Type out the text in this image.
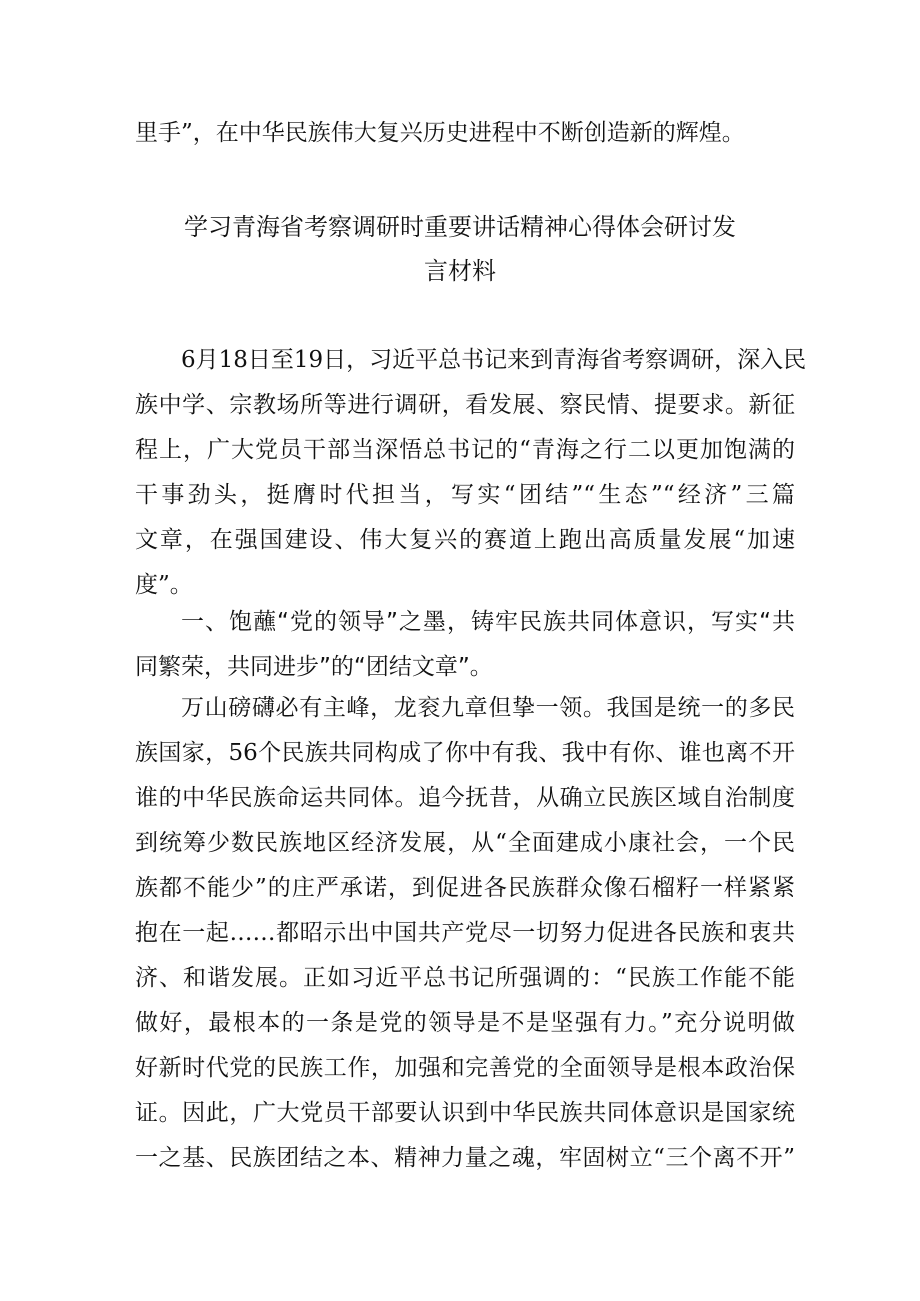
里手”，在中华民族伟大复兴历史进程中不断创造新的辉煌。
学习青海省考察调研时重要讲话精神心得体会研讨发
言材料
6月18日至19日，习近平总书记来到青海省考察调研，深入民
族中学、宗教场所等进行调研，看发展、察民情、提要求。新征
程上，广大党员干部当深悟总书记的“青海之行二以更加饱满的
干事劲头，挺膺时代担当，写实“团结”“生态”“经济”三篇
文章，在强国建设、伟大复兴的赛道上跑出高质量发展“加速
度”。
一、饱蘸“党的领导”之墨，铸牢民族共同体意识，写实“共
同繁荣，共同进步”的“团结文章”。
万山磅礴必有主峰，龙衮九章但挚一领。我国是统一的多民
族国家，56个民族共同构成了你中有我、我中有你、谁也离不开
谁的中华民族命运共同体。追今抚昔，从确立民族区域自治制度
到统筹少数民族地区经济发展，从“全面建成小康社会，一个民
族都不能少”的庄严承诺，到促进各民族群众像石榴籽一样紧紧
抱在一起……都昭示出中国共产党尽一切努力促进各民族和衷共
济、和谐发展。正如习近平总书记所强调的：“民族工作能不能
做好，最根本的一条是党的领导是不是坚强有力。”充分说明做
好新时代党的民族工作，加强和完善党的全面领导是根本政治保
证。因此，广大党员干部要认识到中华民族共同体意识是国家统
一之基、民族团结之本、精神力量之魂，牢固树立“三个离不开”
